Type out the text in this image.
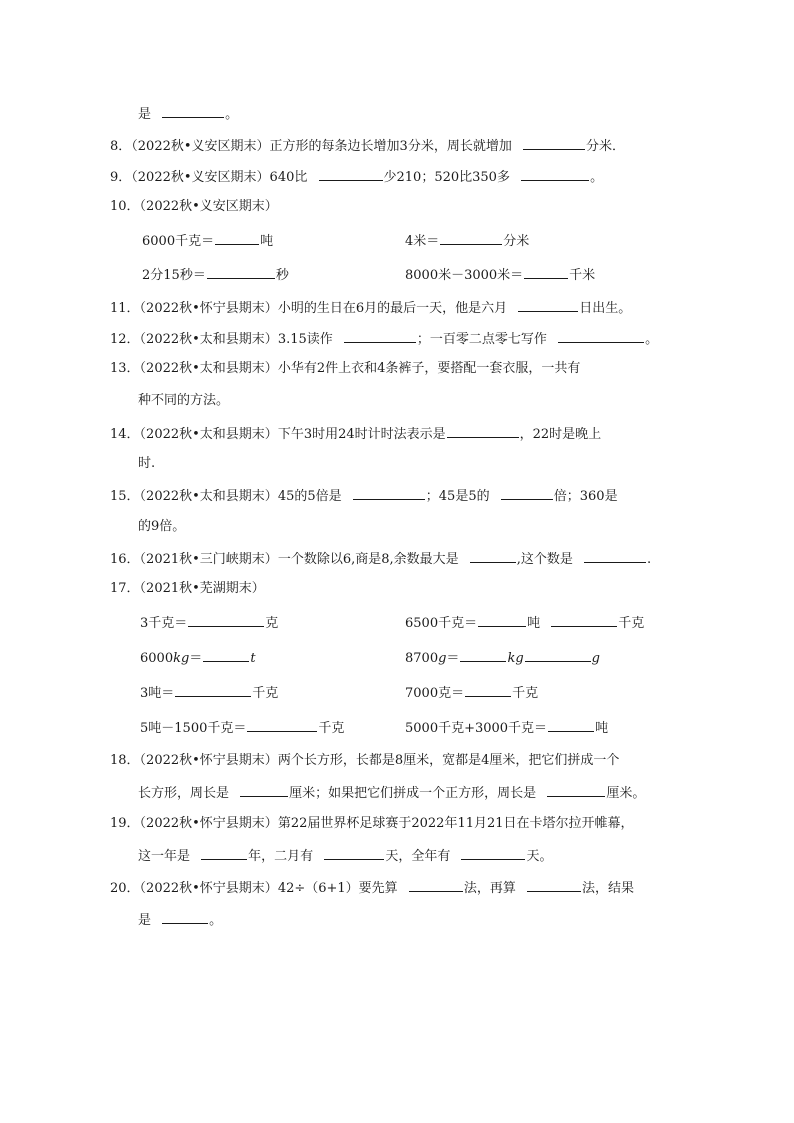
是	。
8．（2022秋•义安区期末）正方形的每条边长增加3分米，周长就增加	分米．
9．（2022秋•义安区期末）640比	少210；520比350多	。
10．（2022秋•义安区期末）
6000千克＝	吨	4米＝	分米
2分15秒＝	秒	8000米－3000米＝	千米
11．（2022秋•怀宁县期末）小明的生日在6月的最后一天，他是六月	日出生。
12．（2022秋•太和县期末）3.15读作	；一百零二点零七写作	。
13．（2022秋•太和县期末）小华有2件上衣和4条裤子，要搭配一套衣服，一共有
种不同的方法。
14．（2022秋•太和县期末）下午3时用24时计时法表示是	，22时是晚上
时.
15．（2022秋•太和县期末）45的5倍是	；45是5的	倍；360是
的9倍。
16．（2021秋•三门峡期末）一个数除以6,商是8,余数最大是	,这个数是	.
17．（2021秋•芜湖期末）
3千克＝	克	6500千克＝	吨	千克
6000kg＝	t	8700g＝	kg	g
3吨＝	千克	7000克＝	千克
5吨－1500千克＝	千克	5000千克+3000千克＝	吨
18．（2022秋•怀宁县期末）两个长方形，长都是8厘米，宽都是4厘米，把它们拼成一个
长方形，周长是	厘米；如果把它们拼成一个正方形，周长是	厘米。
19．（2022秋•怀宁县期末）第22届世界杯足球赛于2022年11月21日在卡塔尔拉开帷幕，
这一年是	年，二月有	天，全年有	天。
20．（2022秋•怀宁县期末）42÷（6+1）要先算	法，再算	法，结果
是	。
